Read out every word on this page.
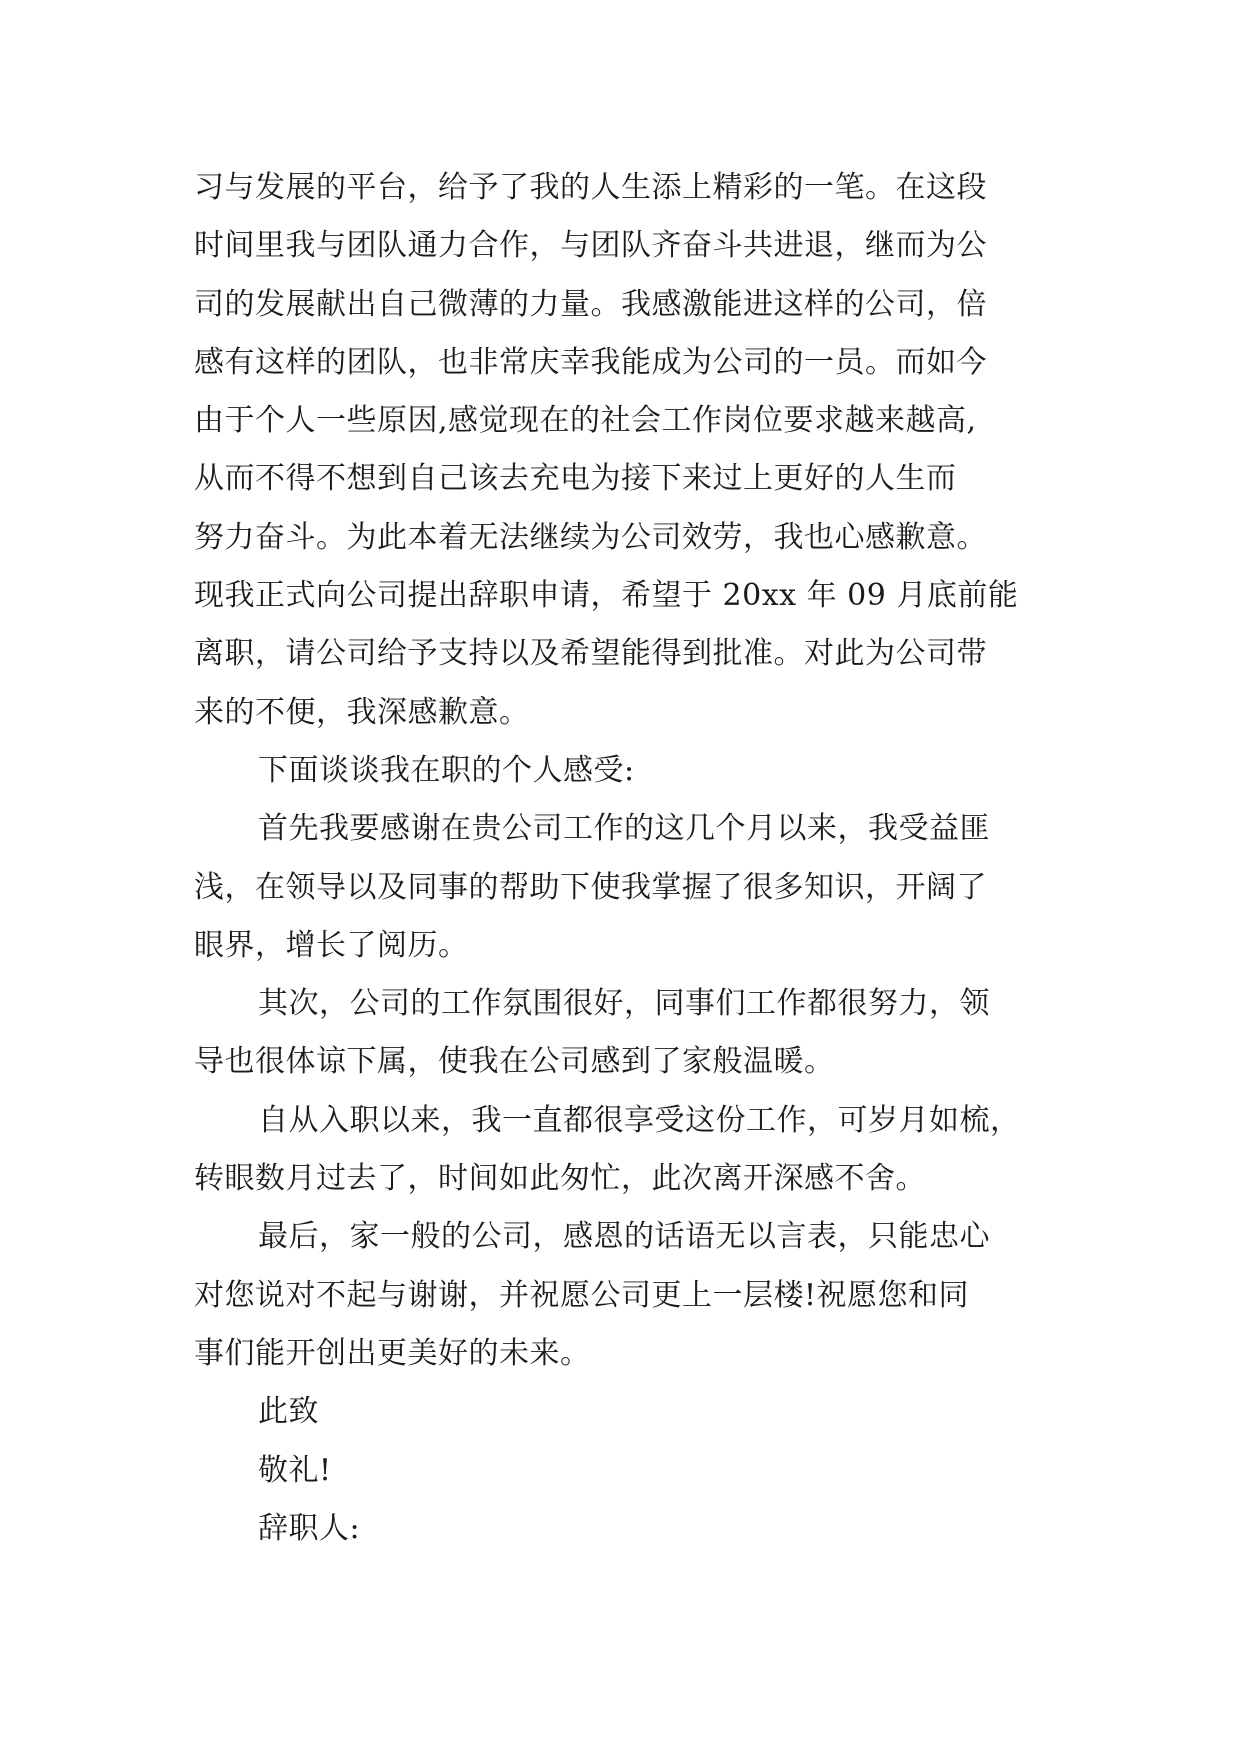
习与发展的平台，给予了我的人生添上精彩的一笔。在这段
时间里我与团队通力合作，与团队齐奋斗共进退，继而为公
司的发展献出自己微薄的力量。我感激能进这样的公司，倍
感有这样的团队，也非常庆幸我能成为公司的一员。而如今
由于个人一些原因,感觉现在的社会工作岗位要求越来越高,
从而不得不想到自己该去充电为接下来过上更好的人生而
努力奋斗。为此本着无法继续为公司效劳，我也心感歉意。
现我正式向公司提出辞职申请，希望于 20xx 年 09 月底前能
离职，请公司给予支持以及希望能得到批准。对此为公司带
来的不便，我深感歉意。

下面谈谈我在职的个人感受:

首先我要感谢在贵公司工作的这几个月以来，我受益匪
浅，在领导以及同事的帮助下使我掌握了很多知识，开阔了
眼界，增长了阅历。

其次，公司的工作氛围很好，同事们工作都很努力，领
导也很体谅下属，使我在公司感到了家般温暖。

自从入职以来，我一直都很享受这份工作，可岁月如梳，
转眼数月过去了，时间如此匆忙，此次离开深感不舍。

最后，家一般的公司，感恩的话语无以言表，只能忠心
对您说对不起与谢谢，并祝愿公司更上一层楼!祝愿您和同
事们能开创出更美好的未来。

此致

敬礼!

辞职人:
